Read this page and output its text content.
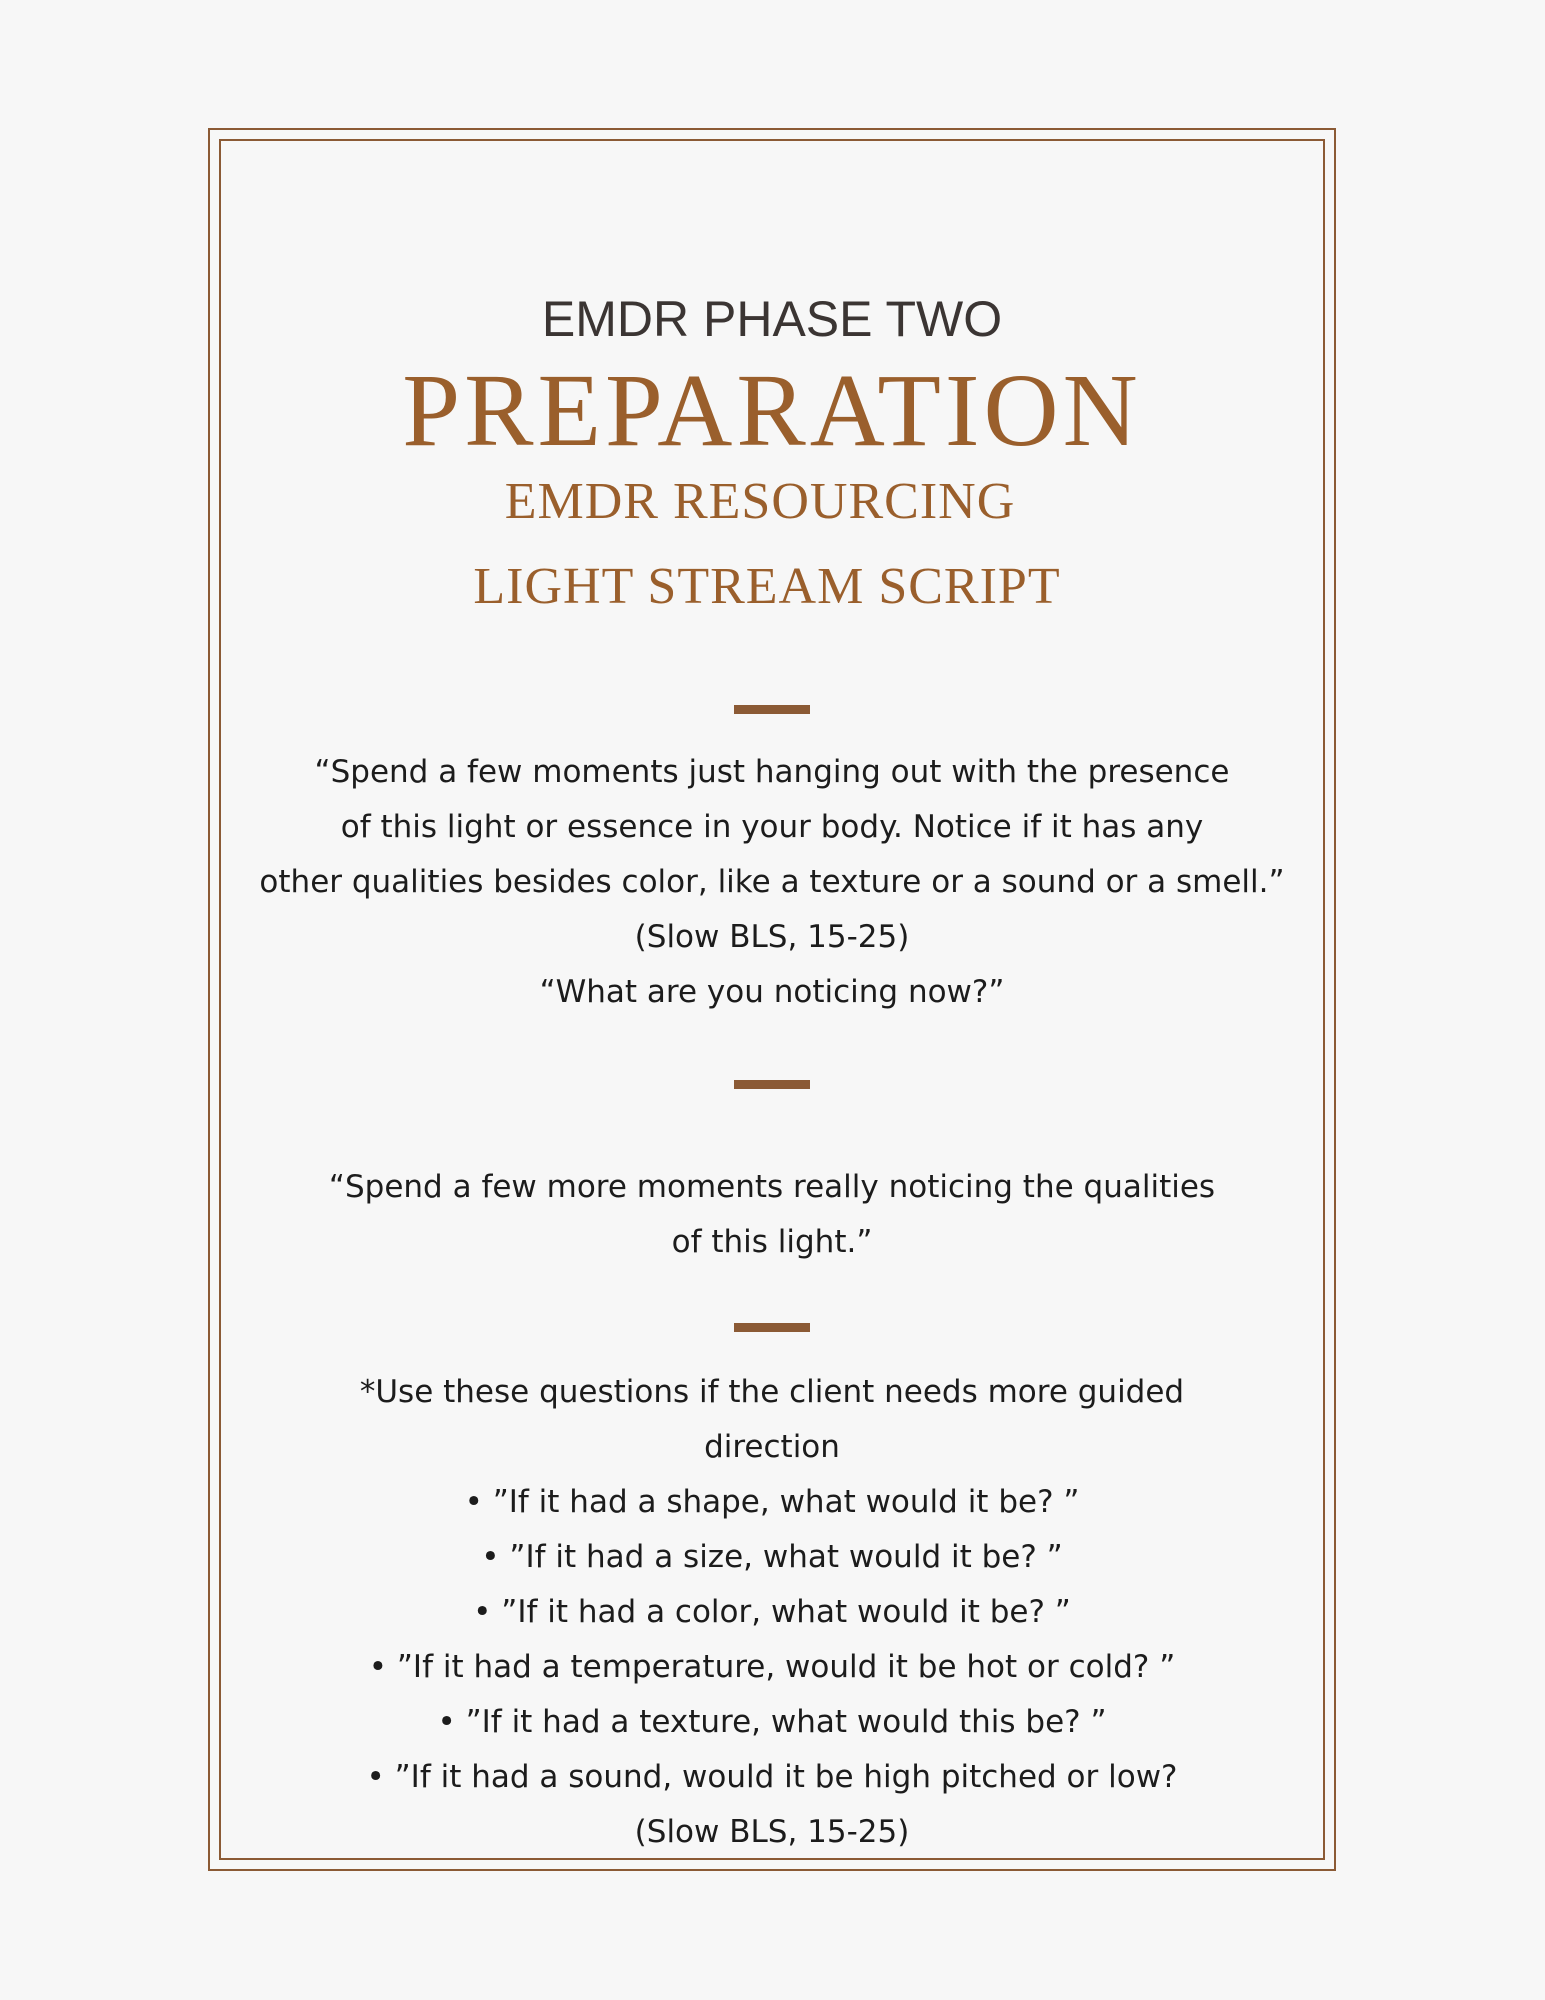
EMDR PHASE TWO
PREPARATION
EMDR RESOURCING
LIGHT STREAM SCRIPT
“Spend a few moments just hanging out with the presence
of this light or essence in your body. Notice if it has any
other qualities besides color, like a texture or a sound or a smell.”
(Slow BLS, 15-25)
“What are you noticing now?”
“Spend a few more moments really noticing the qualities
of this light.”
*Use these questions if the client needs more guided
direction
• ”If it had a shape, what would it be? ”
• ”If it had a size, what would it be? ”
• ”If it had a color, what would it be? ”
• ”If it had a temperature, would it be hot or cold? ”
• ”If it had a texture, what would this be? ”
• ”If it had a sound, would it be high pitched or low?
(Slow BLS, 15-25)
